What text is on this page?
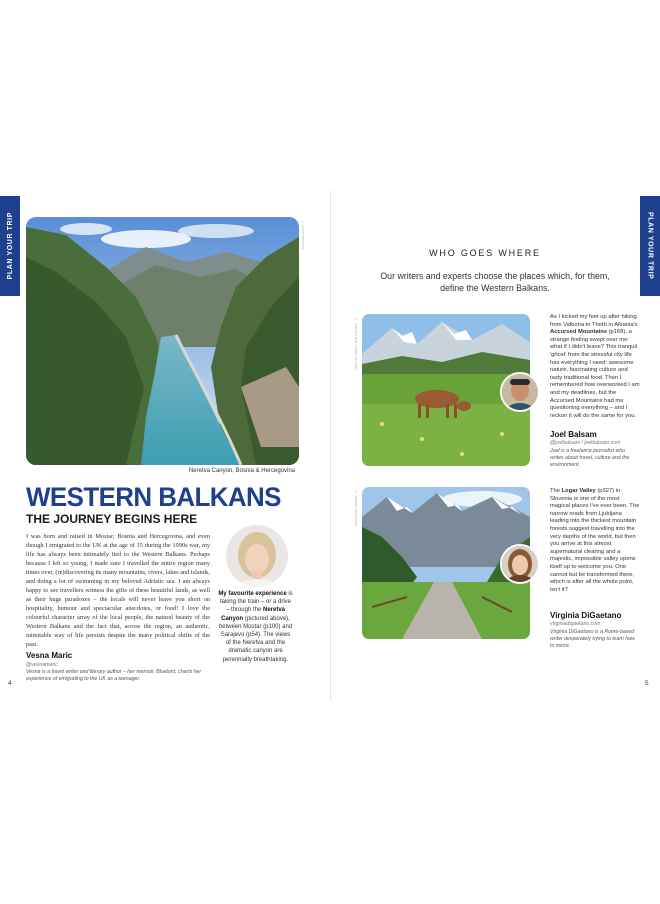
PLAN YOUR TRIP	PLAN YOUR TRIP
© SHUTTERSTOCK
Neretva Canyon, Bosnia & Hercegovina
WESTERN BALKANS
THE JOURNEY BEGINS HERE
I was born and raised in Mostar, Bosnia and Hercegovina, and even though I emigrated to the UK at the age of 15 during the 1990s war, my life has always been intimately tied to the Western Balkans. Perhaps because I left so young, I made sure I travelled the entire region many times over, (re)discovering its many mountains, rivers, lakes and islands, and doing a lot of swimming in my beloved Adriatic sea. I am always happy to see travellers witness the gifts of these beautiful lands, as well as their huge paradoxes – the locals will never leave you short on hospitality, humour and spectacular anecdotes, or food! I love the colourful character array of the local people, the natural beauty of the Western Balkans and the fact that, across the region, an authentic, inimitable way of life persists despite the many political shifts of the past.
Vesna Maric
@vesnamaric
Vesna is a travel writer and literary author – her memoir, Bluebird, charts her experience of emigrating to the UK as a teenager.
My favourite experience is taking the train – or a drive – through the Neretva Canyon (pictured above), between Mostar (p100) and Sarajevo (p54). The views of the Neretva and the dramatic canyon are perennially breathtaking.
4
WHO GOES WHERE
Our writers and experts choose the places which, for them, define the Western Balkans.
© JOEL BALSAM / LONELY PLANET
As I kicked my feet up after hiking from Valbona to Theth in Albania's Accursed Mountains (p168), a strange feeling swept over me: what if I didn't leave? This tranquil 'ghost' from the stressful city life has everything I need: awesome nature, fascinating culture and tasty traditional food. Then I remembered how overworked I am and my deadlines, but the Accursed Mountains had me questioning everything – and I reckon it will do the same for you.
Joel Balsam
@joelbalsam / joelbalsam.com
Joel is a freelance journalist who writes about travel, culture and the environment.
© VIRGINIA DIGAETANO	The Logar Valley (p327) in Slovenia is one of the most magical places I've ever been. The narrow roads from Ljubljana leading into the thickest mountain forests suggest travelling into the very depths of the world, but then you arrive at this almost supernatural clearing and a majestic, impossible valley opens itself up to welcome you. One cannot but be transformed there, which is after all the whole point, isn't it?
Virginia DiGaetano
virginiadigaetano.com
Virginia DiGaetano is a Rome-based writer desperately trying to learn how to mimic.
5
